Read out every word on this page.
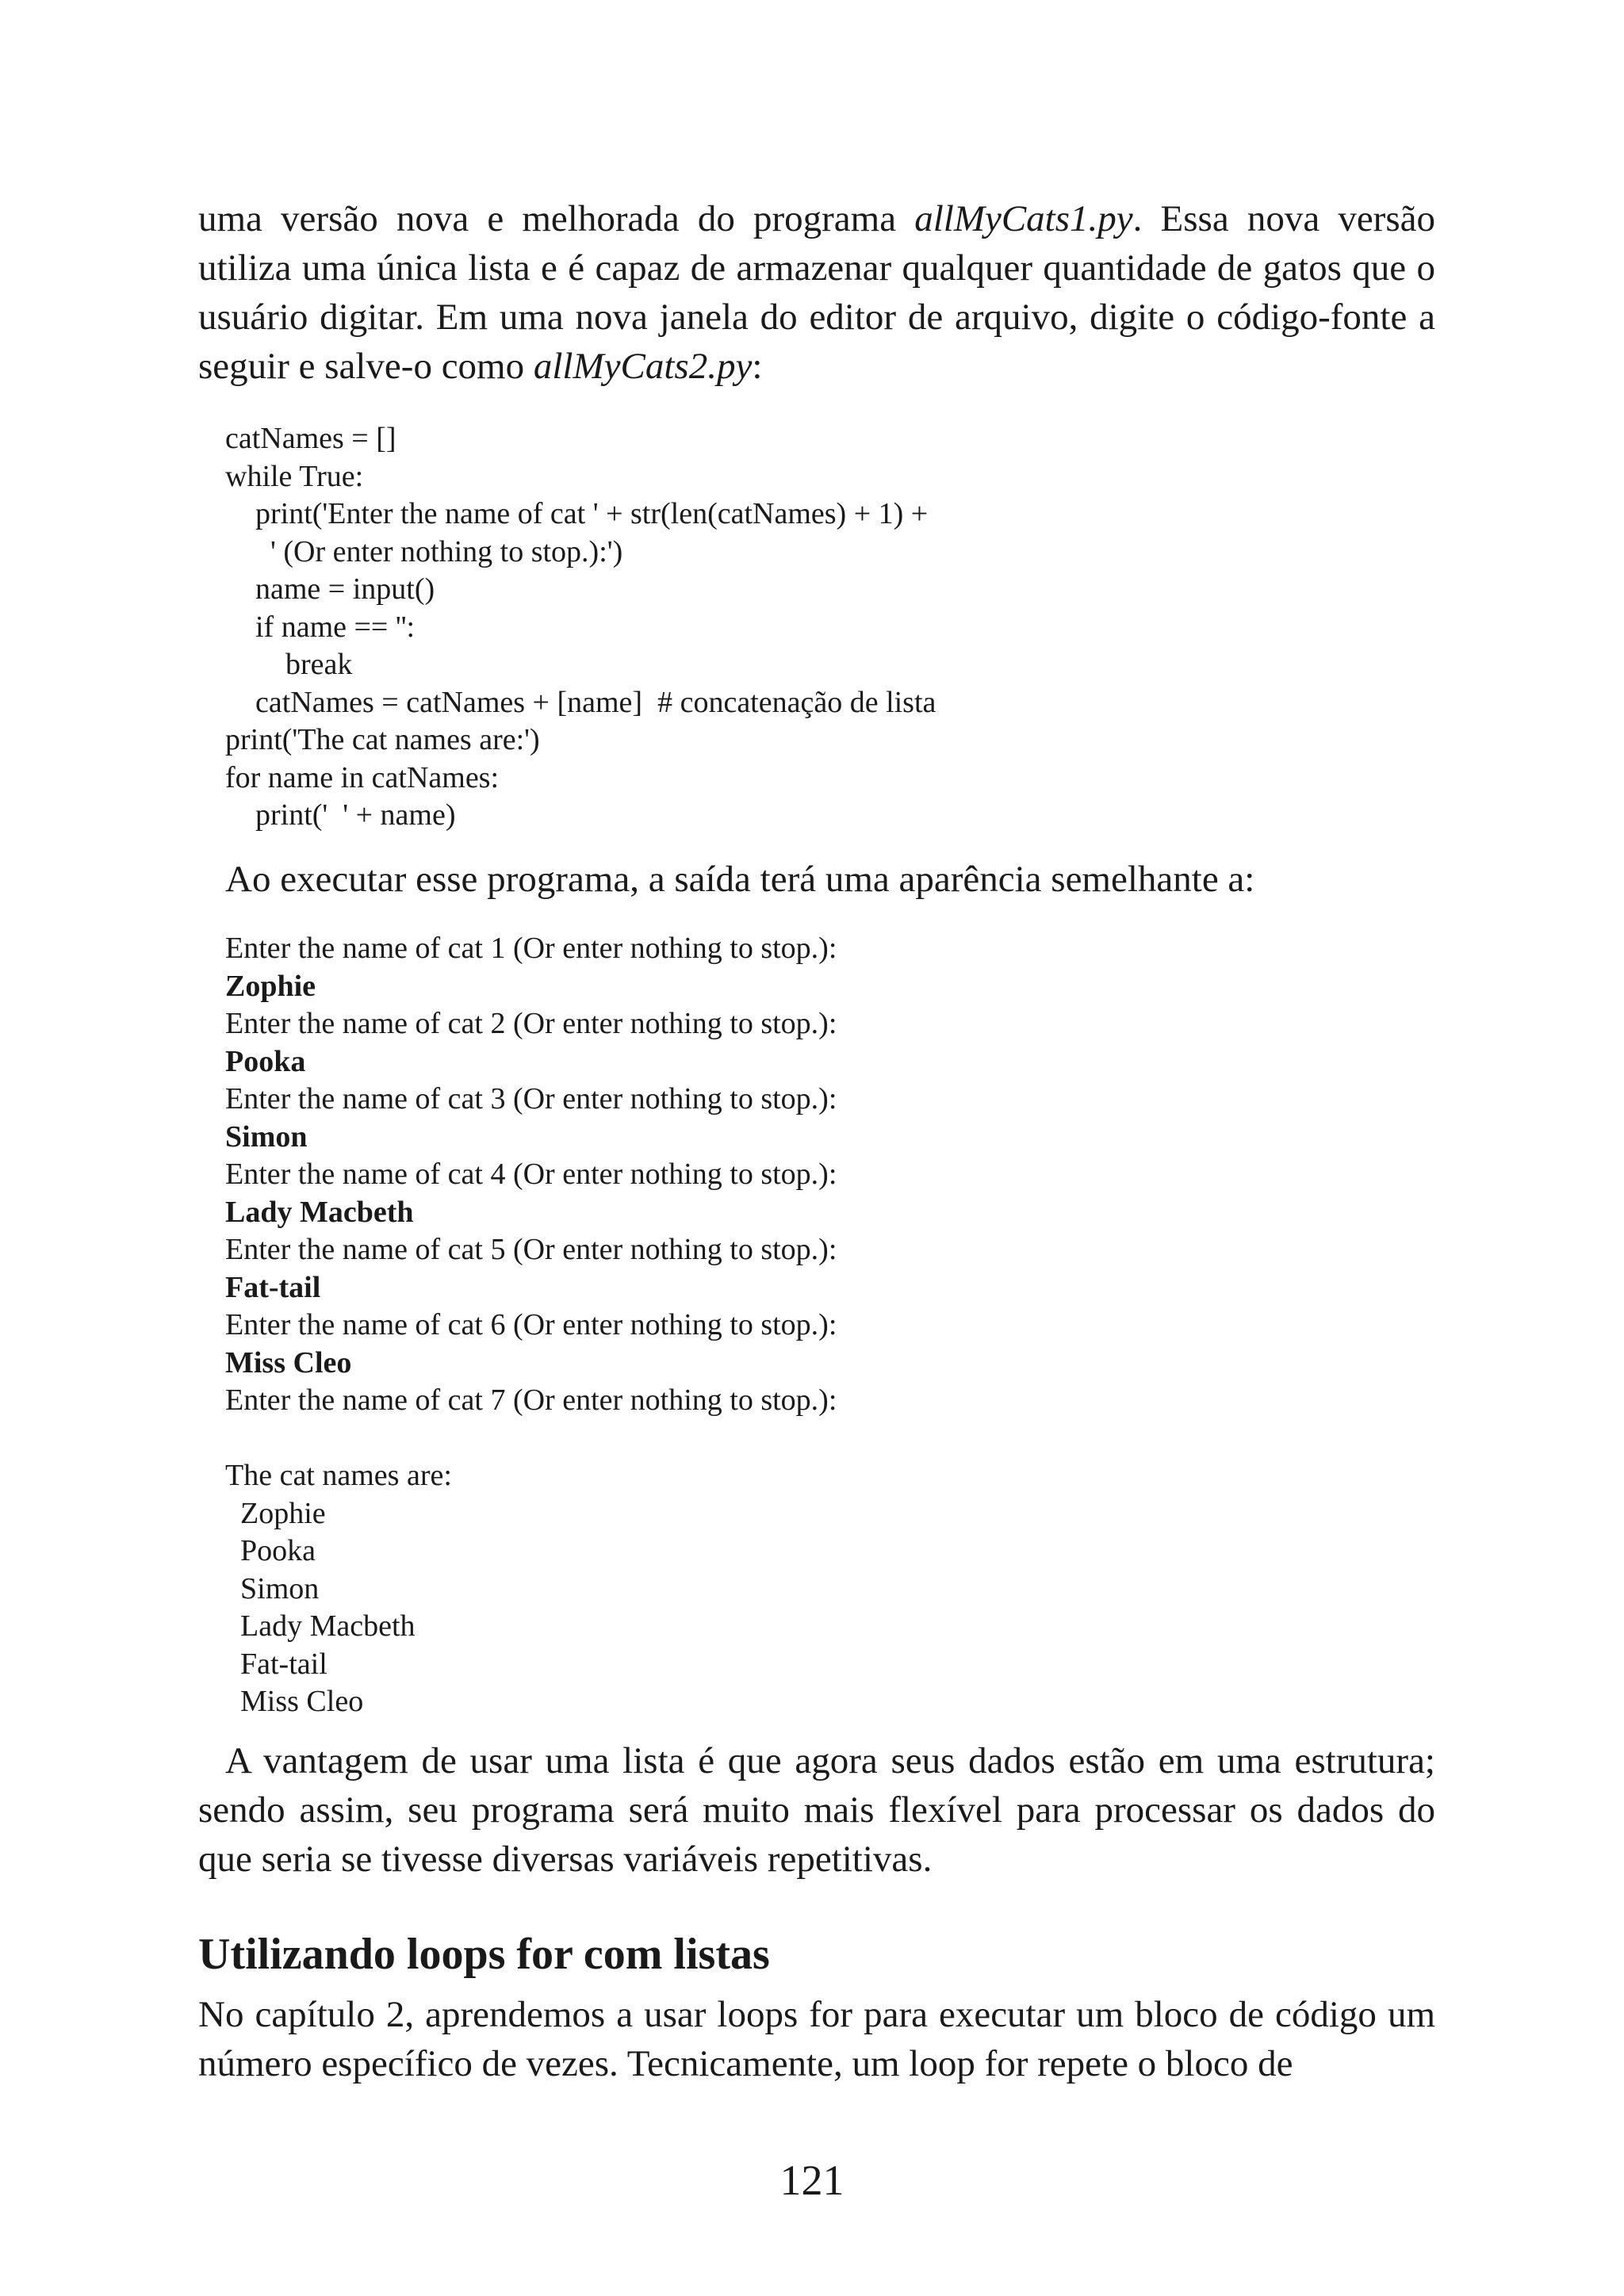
uma versão nova e melhorada do programa allMyCats1.py. Essa nova versão utiliza uma única lista e é capaz de armazenar qualquer quantidade de gatos que o usuário digitar. Em uma nova janela do editor de arquivo, digite o código-fonte a seguir e salve-o como allMyCats2.py:

catNames = []
while True:
print('Enter the name of cat ' + str(len(catNames) + 1) +
' (Or enter nothing to stop.):')
name = input()
if name == '':
break
catNames = catNames + [name]  # concatenação de lista
print('The cat names are:')
for name in catNames:
print('  ' + name)

Ao executar esse programa, a saída terá uma aparência semelhante a:

Enter the name of cat 1 (Or enter nothing to stop.):
Zophie
Enter the name of cat 2 (Or enter nothing to stop.):
Pooka
Enter the name of cat 3 (Or enter nothing to stop.):
Simon
Enter the name of cat 4 (Or enter nothing to stop.):
Lady Macbeth
Enter the name of cat 5 (Or enter nothing to stop.):
Fat-tail
Enter the name of cat 6 (Or enter nothing to stop.):
Miss Cleo
Enter the name of cat 7 (Or enter nothing to stop.):
The cat names are:
Zophie
Pooka
Simon
Lady Macbeth
Fat-tail
Miss Cleo

A vantagem de usar uma lista é que agora seus dados estão em uma estrutura; sendo assim, seu programa será muito mais flexível para processar os dados do que seria se tivesse diversas variáveis repetitivas.

Utilizando loops for com listas

No capítulo 2, aprendemos a usar loops for para executar um bloco de código um número específico de vezes. Tecnicamente, um loop for repete o bloco de

121
